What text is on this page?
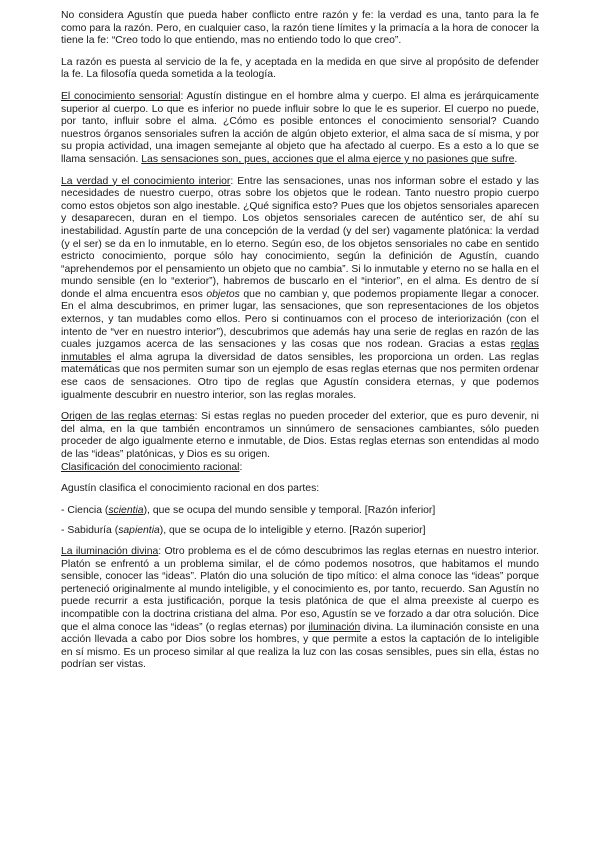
No considera Agustín que pueda haber conflicto entre razón y fe: la verdad es una, tanto para la fe como para la razón. Pero, en cualquier caso, la razón tiene límites y la primacía a la hora de conocer la tiene la fe: “Creo todo lo que entiendo, mas no entiendo todo lo que creo”.

La razón es puesta al servicio de la fe, y aceptada en la medida en que sirve al propósito de defender la fe. La filosofía queda sometida a la teología.

El conocimiento sensorial: Agustín distingue en el hombre alma y cuerpo. El alma es jerárquicamente superior al cuerpo. Lo que es inferior no puede influir sobre lo que le es superior. El cuerpo no puede, por tanto, influir sobre el alma. ¿Cómo es posible entonces el conocimiento sensorial? Cuando nuestros órganos sensoriales sufren la acción de algún objeto exterior, el alma saca de sí misma, y por su propia actividad, una imagen semejante al objeto que ha afectado al cuerpo. Es a esto a lo que se llama sensación. Las sensaciones son, pues, acciones que el alma ejerce y no pasiones que sufre.

La verdad y el conocimiento interior: Entre las sensaciones, unas nos informan sobre el estado y las necesidades de nuestro cuerpo, otras sobre los objetos que le rodean. Tanto nuestro propio cuerpo como estos objetos son algo inestable. ¿Qué significa esto? Pues que los objetos sensoriales aparecen y desaparecen, duran en el tiempo. Los objetos sensoriales carecen de auténtico ser, de ahí su inestabilidad. Agustín parte de una concepción de la verdad (y del ser) vagamente platónica: la verdad (y el ser) se da en lo inmutable, en lo eterno. Según eso, de los objetos sensoriales no cabe en sentido estricto conocimiento, porque sólo hay conocimiento, según la definición de Agustín, cuando “aprehendemos por el pensamiento un objeto que no cambia”. Si lo inmutable y eterno no se halla en el mundo sensible (en lo “exterior”), habremos de buscarlo en el “interior”, en el alma. Es dentro de sí donde el alma encuentra esos objetos que no cambian y, que podemos propiamente llegar a conocer. En el alma descubrimos, en primer lugar, las sensaciones, que son representaciones de los objetos externos, y tan mudables como ellos. Pero si continuamos con el proceso de interiorización (con el intento de “ver en nuestro interior”), descubrimos que además hay una serie de reglas en razón de las cuales juzgamos acerca de las sensaciones y las cosas que nos rodean. Gracias a estas reglas inmutables el alma agrupa la diversidad de datos sensibles, les proporciona un orden. Las reglas matemáticas que nos permiten sumar son un ejemplo de esas reglas eternas que nos permiten ordenar ese caos de sensaciones. Otro tipo de reglas que Agustín considera eternas, y que podemos igualmente descubrir en nuestro interior, son las reglas morales.

Origen de las reglas eternas: Si estas reglas no pueden proceder del exterior, que es puro devenir, ni del alma, en la que también encontramos un sinnúmero de sensaciones cambiantes, sólo pueden proceder de algo igualmente eterno e inmutable, de Dios. Estas reglas eternas son entendidas al modo de las “ideas” platónicas, y Dios es su origen.
Clasificación del conocimiento racional:

Agustín clasifica el conocimiento racional en dos partes:

- Ciencia (scientia), que se ocupa del mundo sensible y temporal. [Razón inferior]

- Sabiduría (sapientia), que se ocupa de lo inteligible y eterno. [Razón superior]

La iluminación divina: Otro problema es el de cómo descubrimos las reglas eternas en nuestro interior. Platón se enfrentó a un problema similar, el de cómo podemos nosotros, que habitamos el mundo sensible, conocer las “ideas”. Platón dio una solución de tipo mítico: el alma conoce las “ideas” porque perteneció originalmente al mundo inteligible, y el conocimiento es, por tanto, recuerdo. San Agustín no puede recurrir a esta justificación, porque la tesis platónica de que el alma preexiste al cuerpo es incompatible con la doctrina cristiana del alma. Por eso, Agustín se ve forzado a dar otra solución. Dice que el alma conoce las “ideas” (o reglas eternas) por iluminación divina. La iluminación consiste en una acción llevada a cabo por Dios sobre los hombres, y que permite a estos la captación de lo inteligible en sí mismo. Es un proceso similar al que realiza la luz con las cosas sensibles, pues sin ella, éstas no podrían ser vistas.
